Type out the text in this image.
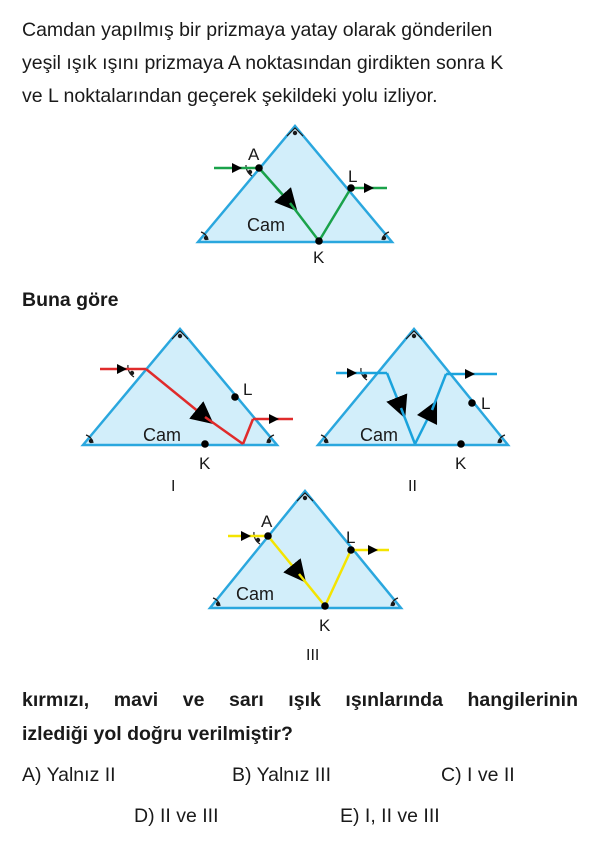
Camdan yapılmış bir prizmaya yatay olarak gönderilen
yeşil ışık ışını prizmaya A noktasından girdikten sonra K
ve L noktalarından geçerek şekildeki yolu izliyor.
A
L
K
Cam
L
K
Cam
I
L
K
Cam
II
A
L
K
Cam
III
Buna göre
kırmızı, mavi ve sarı ışık ışınlarında hangilerinin
izlediği yol doğru verilmiştir?
A) Yalnız II	B) Yalnız III	C) I ve II
D) II ve III	E) I, II ve III
